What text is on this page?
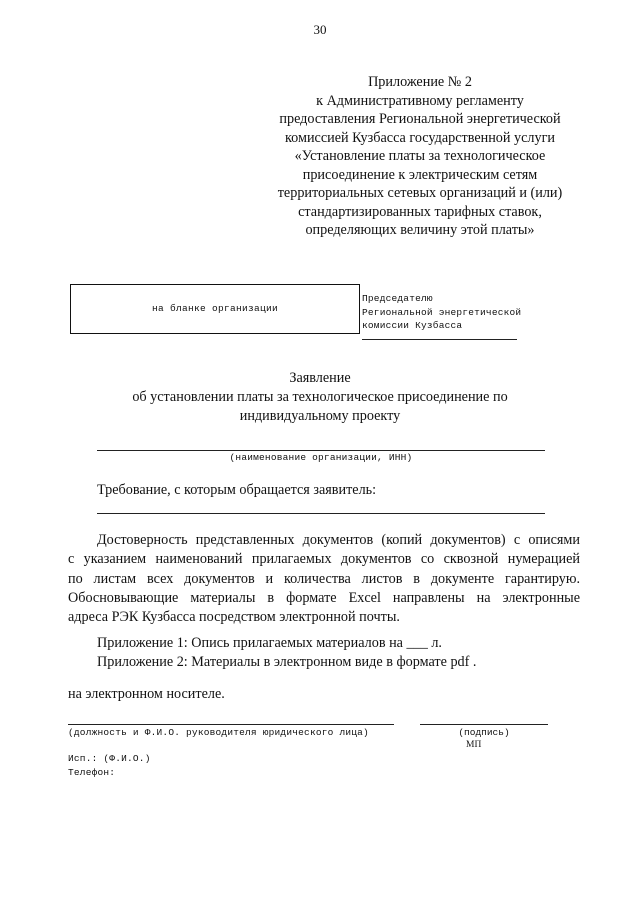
30
Приложение № 2
к Административному регламенту
предоставления Региональной энергетической
комиссией Кузбасса государственной услуги
«Установление платы за технологическое
присоединение к электрическим сетям
территориальных сетевых организаций и (или)
стандартизированных тарифных ставок,
определяющих величину этой платы»
на бланке организации
Председателю
Региональной энергетической
комиссии Кузбасса
Заявление
об установлении платы за технологическое присоединение по
индивидуальному проекту
(наименование организации, ИНН)
Требование, с которым обращается заявитель:
Достоверность представленных документов (копий документов) с описями
с указанием наименований прилагаемых документов со сквозной нумерацией
по листам всех документов и количества листов в документе гарантирую.
Обосновывающие материалы в формате Excel направлены на электронные
адреса РЭК Кузбасса посредством электронной почты.
Приложение 1: Опись прилагаемых материалов на ___ л.
Приложение 2: Материалы в электронном виде в формате pdf .
на электронном носителе.
(должность и Ф.И.О. руководителя юридического лица)	(подпись)
МП
Исп.: (Ф.И.О.)
Телефон:
